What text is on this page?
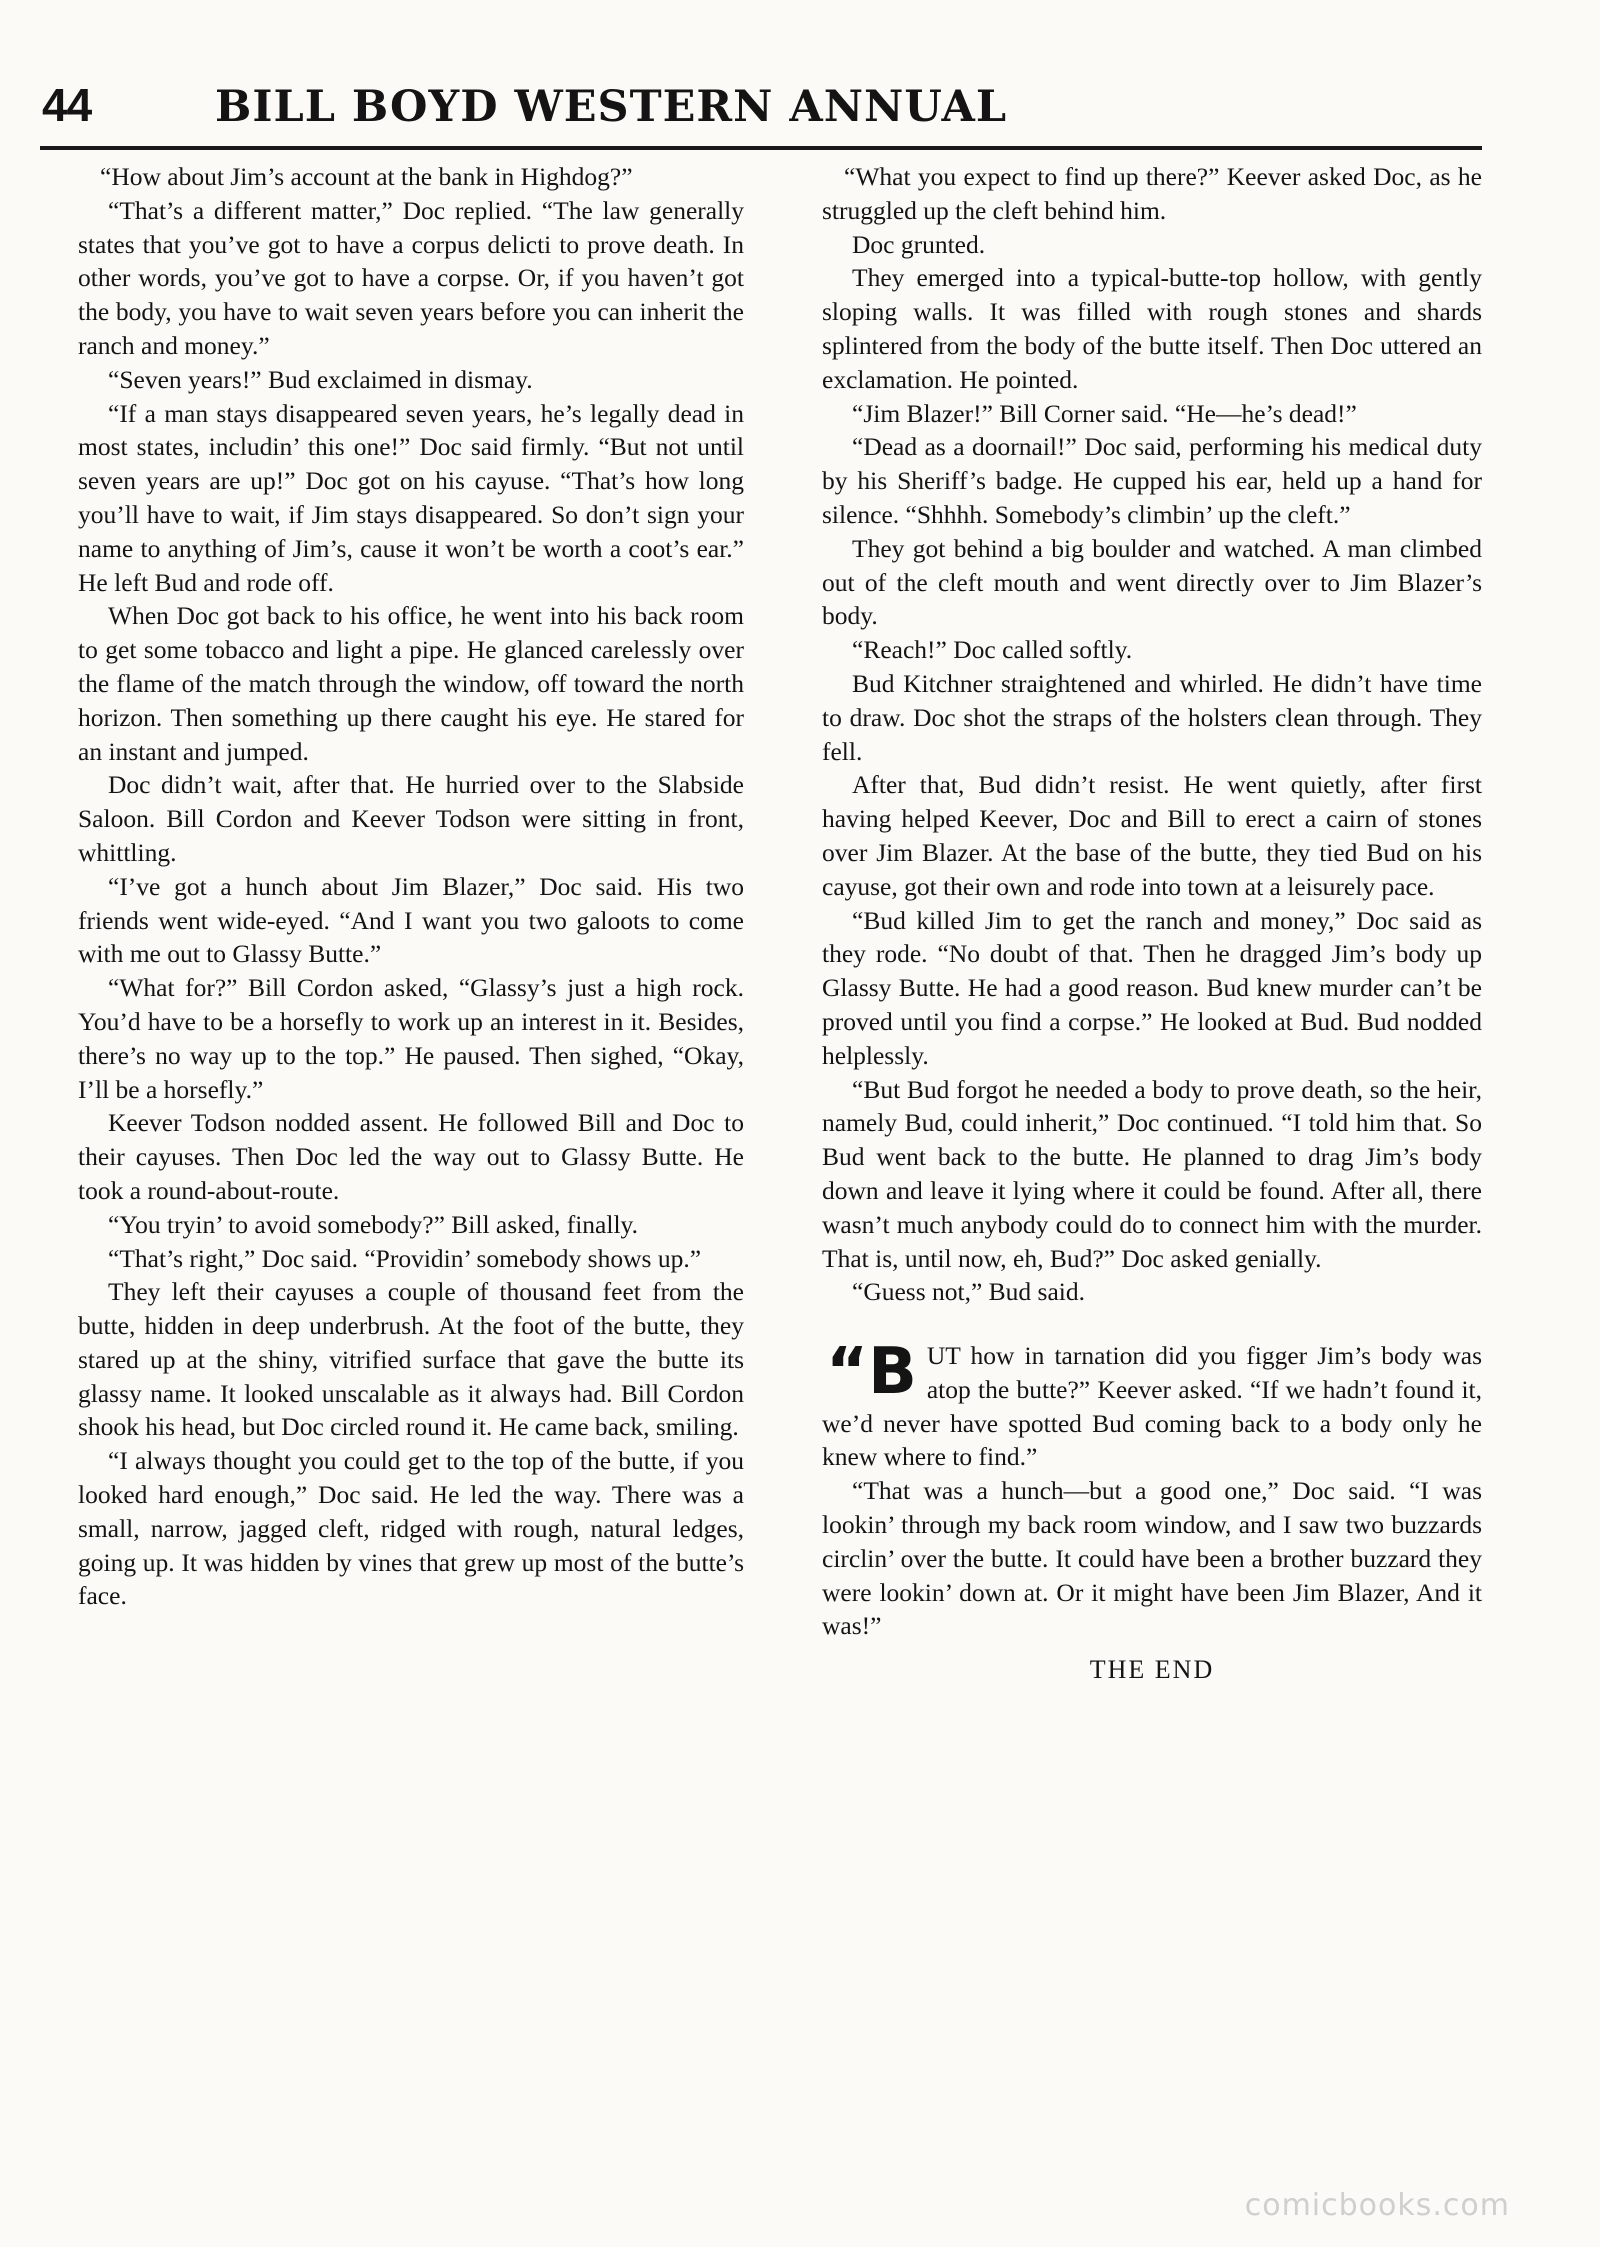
44	BILL BOYD WESTERN ANNUAL

“How about Jim’s account at the bank in Highdog?”

“That’s a different matter,” Doc replied. “The law generally states that you’ve got to have a corpus delicti to prove death. In other words, you’ve got to have a corpse. Or, if you haven’t got the body, you have to wait seven years before you can inherit the ranch and money.”

“Seven years!” Bud exclaimed in dismay.

“If a man stays disappeared seven years, he’s legally dead in most states, includin’ this one!” Doc said firmly. “But not until seven years are up!” Doc got on his cayuse. “That’s how long you’ll have to wait, if Jim stays disappeared. So don’t sign your name to anything of Jim’s, cause it won’t be worth a coot’s ear.” He left Bud and rode off.

When Doc got back to his office, he went into his back room to get some tobacco and light a pipe. He glanced carelessly over the flame of the match through the window, off toward the north horizon. Then something up there caught his eye. He stared for an instant and jumped.

Doc didn’t wait, after that. He hurried over to the Slabside Saloon. Bill Cordon and Keever Todson were sitting in front, whittling.

“I’ve got a hunch about Jim Blazer,” Doc said. His two friends went wide-eyed. “And I want you two galoots to come with me out to Glassy Butte.”

“What for?” Bill Cordon asked, “Glassy’s just a high rock. You’d have to be a horsefly to work up an interest in it. Besides, there’s no way up to the top.” He paused. Then sighed, “Okay, I’ll be a horsefly.”

Keever Todson nodded assent. He followed Bill and Doc to their cayuses. Then Doc led the way out to Glassy Butte. He took a round-about-route.

“You tryin’ to avoid somebody?” Bill asked, finally.

“That’s right,” Doc said. “Providin’ somebody shows up.”

They left their cayuses a couple of thousand feet from the butte, hidden in deep underbrush. At the foot of the butte, they stared up at the shiny, vitrified surface that gave the butte its glassy name. It looked unscalable as it always had. Bill Cordon shook his head, but Doc circled round it. He came back, smiling.

“I always thought you could get to the top of the butte, if you looked hard enough,” Doc said. He led the way. There was a small, narrow, jagged cleft, ridged with rough, natural ledges, going up. It was hidden by vines that grew up most of the butte’s face.

“What you expect to find up there?” Keever asked Doc, as he struggled up the cleft behind him.

Doc grunted.

They emerged into a typical-butte-top hollow, with gently sloping walls. It was filled with rough stones and shards splintered from the body of the butte itself. Then Doc uttered an exclamation. He pointed.

“Jim Blazer!” Bill Corner said. “He—he’s dead!”

“Dead as a doornail!” Doc said, performing his medical duty by his Sheriff’s badge. He cupped his ear, held up a hand for silence. “Shhhh. Somebody’s climbin’ up the cleft.”

They got behind a big boulder and watched. A man climbed out of the cleft mouth and went directly over to Jim Blazer’s body.

“Reach!” Doc called softly.

Bud Kitchner straightened and whirled. He didn’t have time to draw. Doc shot the straps of the holsters clean through. They fell.

After that, Bud didn’t resist. He went quietly, after first having helped Keever, Doc and Bill to erect a cairn of stones over Jim Blazer. At the base of the butte, they tied Bud on his cayuse, got their own and rode into town at a leisurely pace.

“Bud killed Jim to get the ranch and money,” Doc said as they rode. “No doubt of that. Then he dragged Jim’s body up Glassy Butte. He had a good reason. Bud knew murder can’t be proved until you find a corpse.” He looked at Bud. Bud nodded helplessly.

“But Bud forgot he needed a body to prove death, so the heir, namely Bud, could inherit,” Doc continued. “I told him that. So Bud went back to the butte. He planned to drag Jim’s body down and leave it lying where it could be found. After all, there wasn’t much anybody could do to connect him with the murder. That is, until now, eh, Bud?” Doc asked genially.

“Guess not,” Bud said.

“BUT how in tarnation did you figger Jim’s body was atop the butte?” Keever asked. “If we hadn’t found it, we’d never have spotted Bud coming back to a body only he knew where to find.”

“That was a hunch—but a good one,” Doc said. “I was lookin’ through my back room window, and I saw two buzzards circlin’ over the butte. It could have been a brother buzzard they were lookin’ down at. Or it might have been Jim Blazer, And it was!”

THE END
comicbooks.com
